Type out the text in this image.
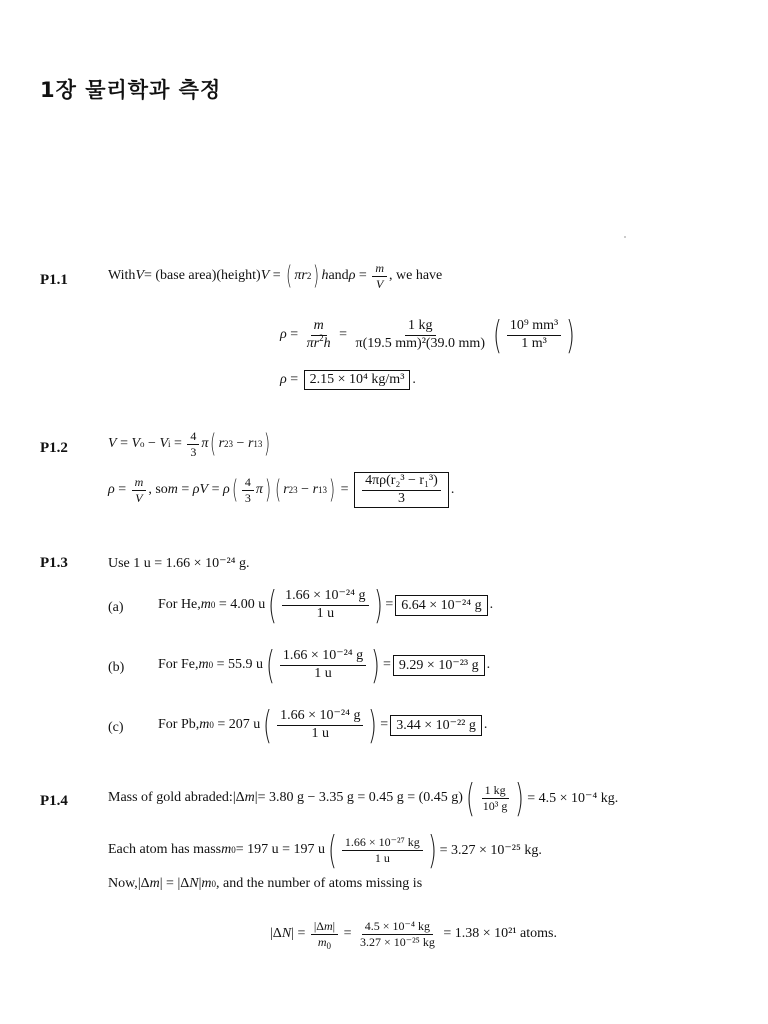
1장 물리학과 측정
P1.1	With V = (base area)(height) V = ( πr 2 ) h and $\rho = \frac{m}{V}$ , we have
$\rho = \frac{m}{\pi r^2h} = \frac{1 kg}{\text{π(19.5 mm)²(39.0 mm)}}$ ( $\frac{\text{10⁹ mm³}}{\text{1 m³}}$ )
ρ = 2.15 × 10⁴ kg/m³ .
P1.2	V = V o − V $i = \frac{4}{3}$ π ( r 2 3 − r 1 3 )
$\rho = \frac{m}{V}$ , so m = ρV = ρ ( $\frac{4}{3}$ π ) ( r 2 3 − r 1 3 ) = $\frac{\text{4πρ(r₂³ − r₁³)}}{3}$ .
P1.3	Use 1 u = 1.66 × 10⁻²⁴ g.
(a) For He, m 0
= 4.00 u ( $\frac{\text{1.66 × 10⁻²⁴ g}}{1 u}$ ) = 6.64 × 10⁻²⁴ g .
(b) For Fe, m 0
= 55.9 u ( $\frac{\text{1.66 × 10⁻²⁴ g}}{1 u}$ ) = 9.29 × 10⁻²³ g .
(c) For Pb, m 0
= 207 u ( $\frac{\text{1.66 × 10⁻²⁴ g}}{1 u}$ ) = 3.44 × 10⁻²² g .
P1.4	Mass of gold abraded: |Δ m | = 3.80 g − 3.35 g = 0.45 g = (0.45 g) ( $\frac{1 kg}{\text{10³ g}}$ ) = 4.5 × 10⁻⁴ kg.
Each atom has mass m 0 = 197 u = 197 u ( $\frac{\text{1.66 × 10⁻²⁷ kg}}{1 u}$ ) = 3.27 × 10⁻²⁵ kg.
Now, |Δ m | = |Δ N | m 0 , and the number of atoms missing is
|Δ N | = $\frac{|\Delta m|}{m_0} = \frac{\text{4.5 × 10⁻⁴ kg}}{\text{3.27 × 10⁻²⁵ kg}}$
= 1.38 × 10²¹ atoms.
